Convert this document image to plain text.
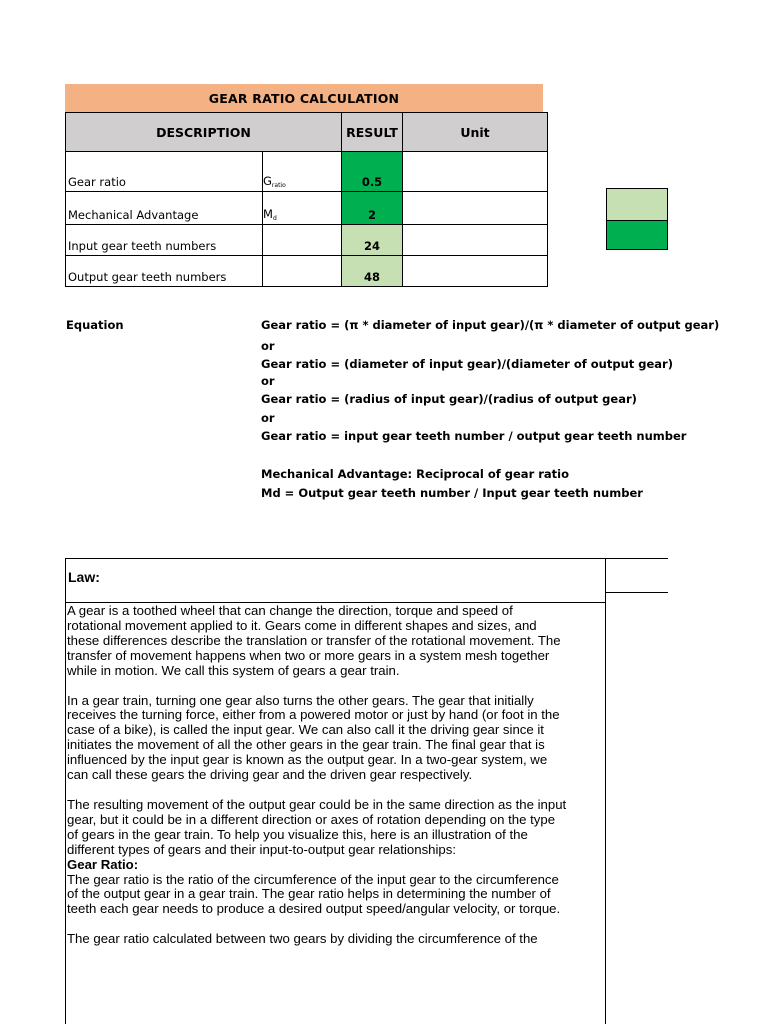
GEAR RATIO CALCULATION
DESCRIPTION		RESULT	Unit
Gear ratio	$G_{ratio}$	0.5	
Mechanical Advantage	$M_d$	2	
Input gear teeth numbers		24	
Output gear teeth numbers		48	
Equation	Gear ratio = (π * diameter of input gear)/(π * diameter of output gear)
or
Gear ratio = (diameter of input gear)/(diameter of output gear)
or
Gear ratio = (radius of input gear)/(radius of output gear)
or
Gear ratio = input gear teeth number / output gear teeth number
Mechanical Advantage: Reciprocal of gear ratio
Md = Output gear teeth number / Input gear teeth number
Law:

A gear is a toothed wheel that can change the direction, torque and speed of
rotational movement applied to it. Gears come in different shapes and sizes, and
these differences describe the translation or transfer of the rotational movement. The
transfer of movement happens when two or more gears in a system mesh together
while in motion. We call this system of gears a gear train.

In a gear train, turning one gear also turns the other gears. The gear that initially
receives the turning force, either from a powered motor or just by hand (or foot in the
case of a bike), is called the input gear. We can also call it the driving gear since it
initiates the movement of all the other gears in the gear train. The final gear that is
influenced by the input gear is known as the output gear. In a two-gear system, we
can call these gears the driving gear and the driven gear respectively.

The resulting movement of the output gear could be in the same direction as the input
gear, but it could be in a different direction or axes of rotation depending on the type
of gears in the gear train. To help you visualize this, here is an illustration of the
different types of gears and their input-to-output gear relationships:

Gear Ratio:

The gear ratio is the ratio of the circumference of the input gear to the circumference
of the output gear in a gear train. The gear ratio helps in determining the number of
teeth each gear needs to produce a desired output speed/angular velocity, or torque.

The gear ratio calculated between two gears by dividing the circumference of the
